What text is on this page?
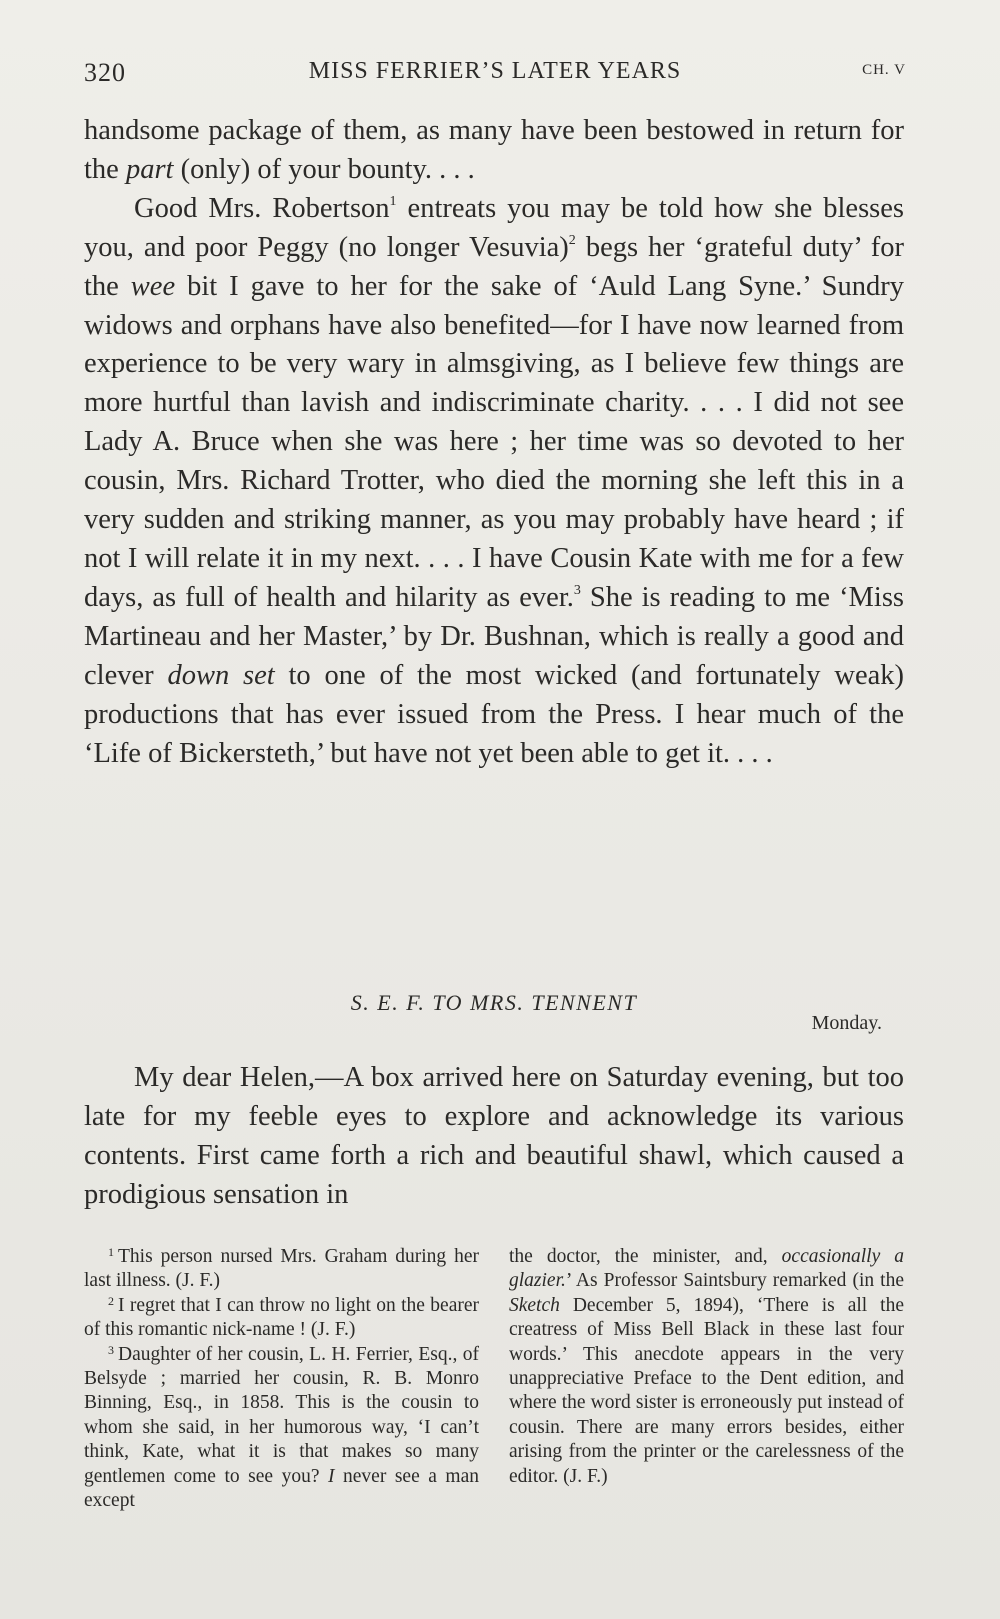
320	MISS FERRIER’S LATER YEARS	CH. V

handsome package of them, as many have been bestowed in return for the part (only) of your bounty. . . .

Good Mrs. Robertson$^1$ entreats you may be told how she blesses you, and poor Peggy (no longer Vesuvia)$^2$ begs her ‘grateful duty’ for the wee bit I gave to her for the sake of ‘Auld Lang Syne.’ Sundry widows and orphans have also benefited—for I have now learned from experience to be very wary in almsgiving, as I believe few things are more hurtful than lavish and indiscriminate charity. . . . I did not see Lady A. Bruce when she was here ; her time was so devoted to her cousin, Mrs. Richard Trotter, who died the morning she left this in a very sudden and striking manner, as you may probably have heard ; if not I will relate it in my next. . . . I have Cousin Kate with me for a few days, as full of health and hilarity as ever.$^3$ She is reading to me ‘Miss Martineau and her Master,’ by Dr. Bushnan, which is really a good and clever down set to one of the most wicked (and fortunately weak) productions that has ever issued from the Press. I hear much of the ‘Life of Bickersteth,’ but have not yet been able to get it. . . .

S. E. F. TO MRS. TENNENT
Monday.

My dear Helen,—A box arrived here on Saturday evening, but too late for my feeble eyes to explore and acknowledge its various contents. First came forth a rich and beautiful shawl, which caused a prodigious sensation in

$^1$ This person nursed Mrs. Graham during her last illness. (J. F.)

$^2$ I regret that I can throw no light on the bearer of this romantic nick-name ! (J. F.)

$^3$ Daughter of her cousin, L. H. Ferrier, Esq., of Belsyde ; married her cousin, R. B. Monro Binning, Esq., in 1858. This is the cousin to whom she said, in her humorous way, ‘I can’t think, Kate, what it is that makes so many gentlemen come to see you? I never see a man except

the doctor, the minister, and, occasionally a glazier.’ As Professor Saintsbury remarked (in the Sketch December 5, 1894), ‘There is all the creatress of Miss Bell Black in these last four words.’ This anecdote appears in the very unappreciative Preface to the Dent edition, and where the word sister is erroneously put instead of cousin. There are many errors besides, either arising from the printer or the carelessness of the editor. (J. F.)
